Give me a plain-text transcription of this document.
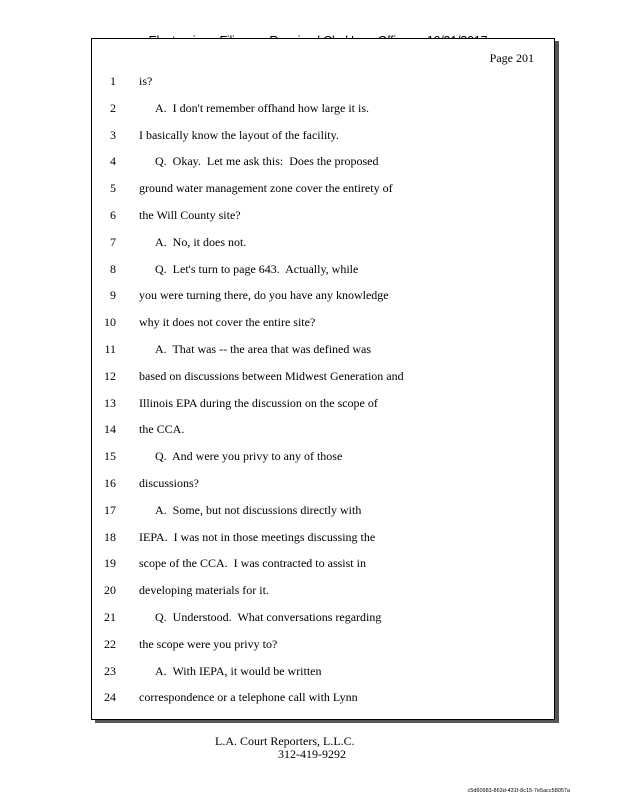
Page 201
1 is?
2	A.  I don't remember offhand how large it is.
3 I basically know the layout of the facility.
4	Q.  Okay.  Let me ask this:  Does the proposed
5 ground water management zone cover the entirety of
6 the Will County site?
7	A.  No, it does not.
8	Q.  Let's turn to page 643.  Actually, while
9 you were turning there, do you have any knowledge
10 why it does not cover the entire site?
11	A.  That was -- the area that was defined was
12 based on discussions between Midwest Generation and
13 Illinois EPA during the discussion on the scope of
14 the CCA.
15	Q.  And were you privy to any of those
16 discussions?
17	A.  Some, but not discussions directly with
18 IEPA.  I was not in those meetings discussing the
19 scope of the CCA.  I was contracted to assist in
20 developing materials for it.
21	Q.  Understood.  What conversations regarding
22 the scope were you privy to?
23	A.  With IEPA, it would be written
24 correspondence or a telephone call with Lynn
L.A. Court Reporters, L.L.C.
312-419-9292
c5d60983-863d-431f-8c15-7e5acc58057a
